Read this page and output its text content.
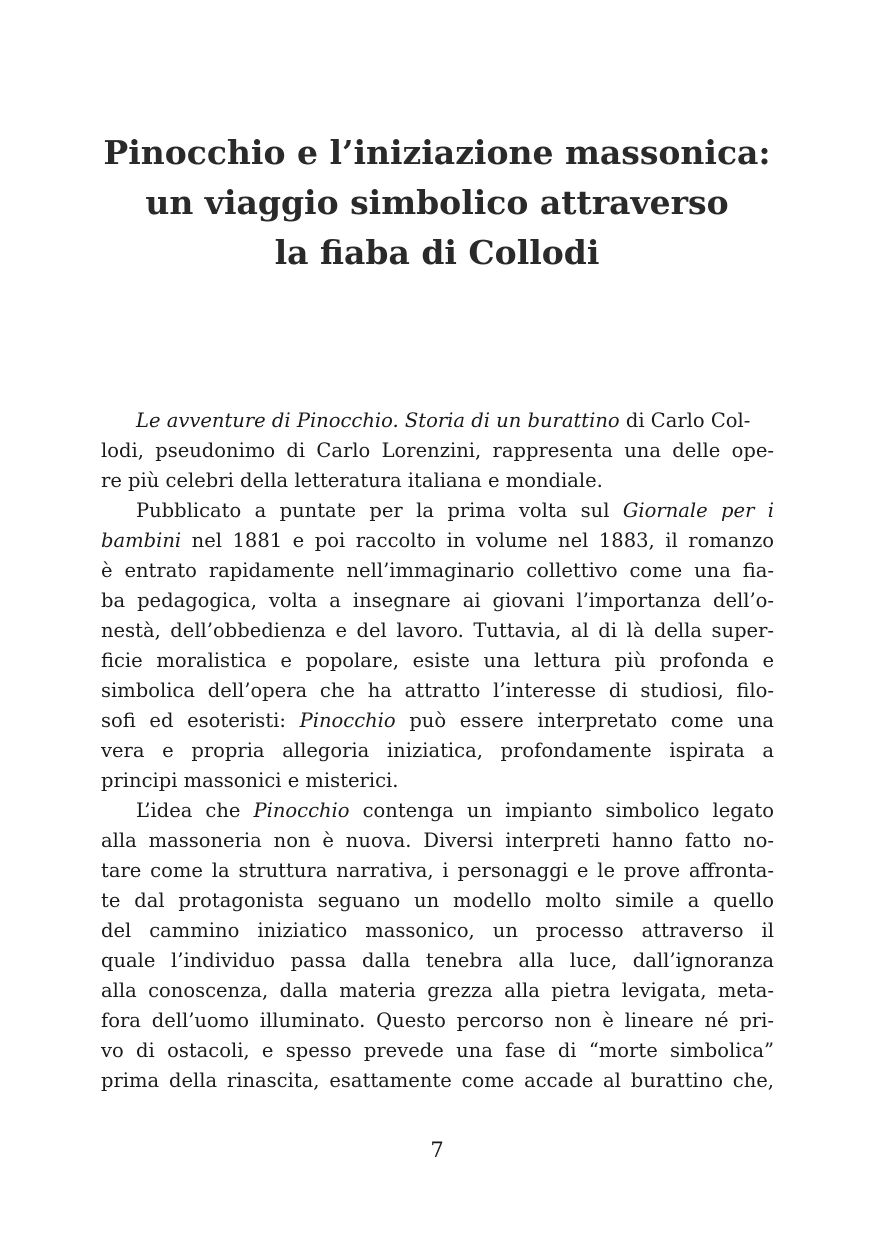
Pinocchio e l’iniziazione massonica:
un viaggio simbolico attraverso
la fiaba di Collodi
Le avventure di Pinocchio. Storia di un burattino di Carlo Col-
lodi, pseudonimo di Carlo Lorenzini, rappresenta una delle ope-
re più celebri della letteratura italiana e mondiale.
Pubblicato a puntate per la prima volta sul Giornale per i
bambini nel 1881 e poi raccolto in volume nel 1883, il romanzo
è entrato rapidamente nell’immaginario collettivo come una fia-
ba pedagogica, volta a insegnare ai giovani l’importanza dell’o-
nestà, dell’obbedienza e del lavoro. Tuttavia, al di là della super-
ficie moralistica e popolare, esiste una lettura più profonda e
simbolica dell’opera che ha attratto l’interesse di studiosi, filo-
sofi ed esoteristi: Pinocchio può essere interpretato come una
vera e propria allegoria iniziatica, profondamente ispirata a
principi massonici e misterici.
L’idea che Pinocchio contenga un impianto simbolico legato
alla massoneria non è nuova. Diversi interpreti hanno fatto no-
tare come la struttura narrativa, i personaggi e le prove affronta-
te dal protagonista seguano un modello molto simile a quello
del cammino iniziatico massonico, un processo attraverso il
quale l’individuo passa dalla tenebra alla luce, dall’ignoranza
alla conoscenza, dalla materia grezza alla pietra levigata, meta-
fora dell’uomo illuminato. Questo percorso non è lineare né pri-
vo di ostacoli, e spesso prevede una fase di “morte simbolica”
prima della rinascita, esattamente come accade al burattino che,
7
